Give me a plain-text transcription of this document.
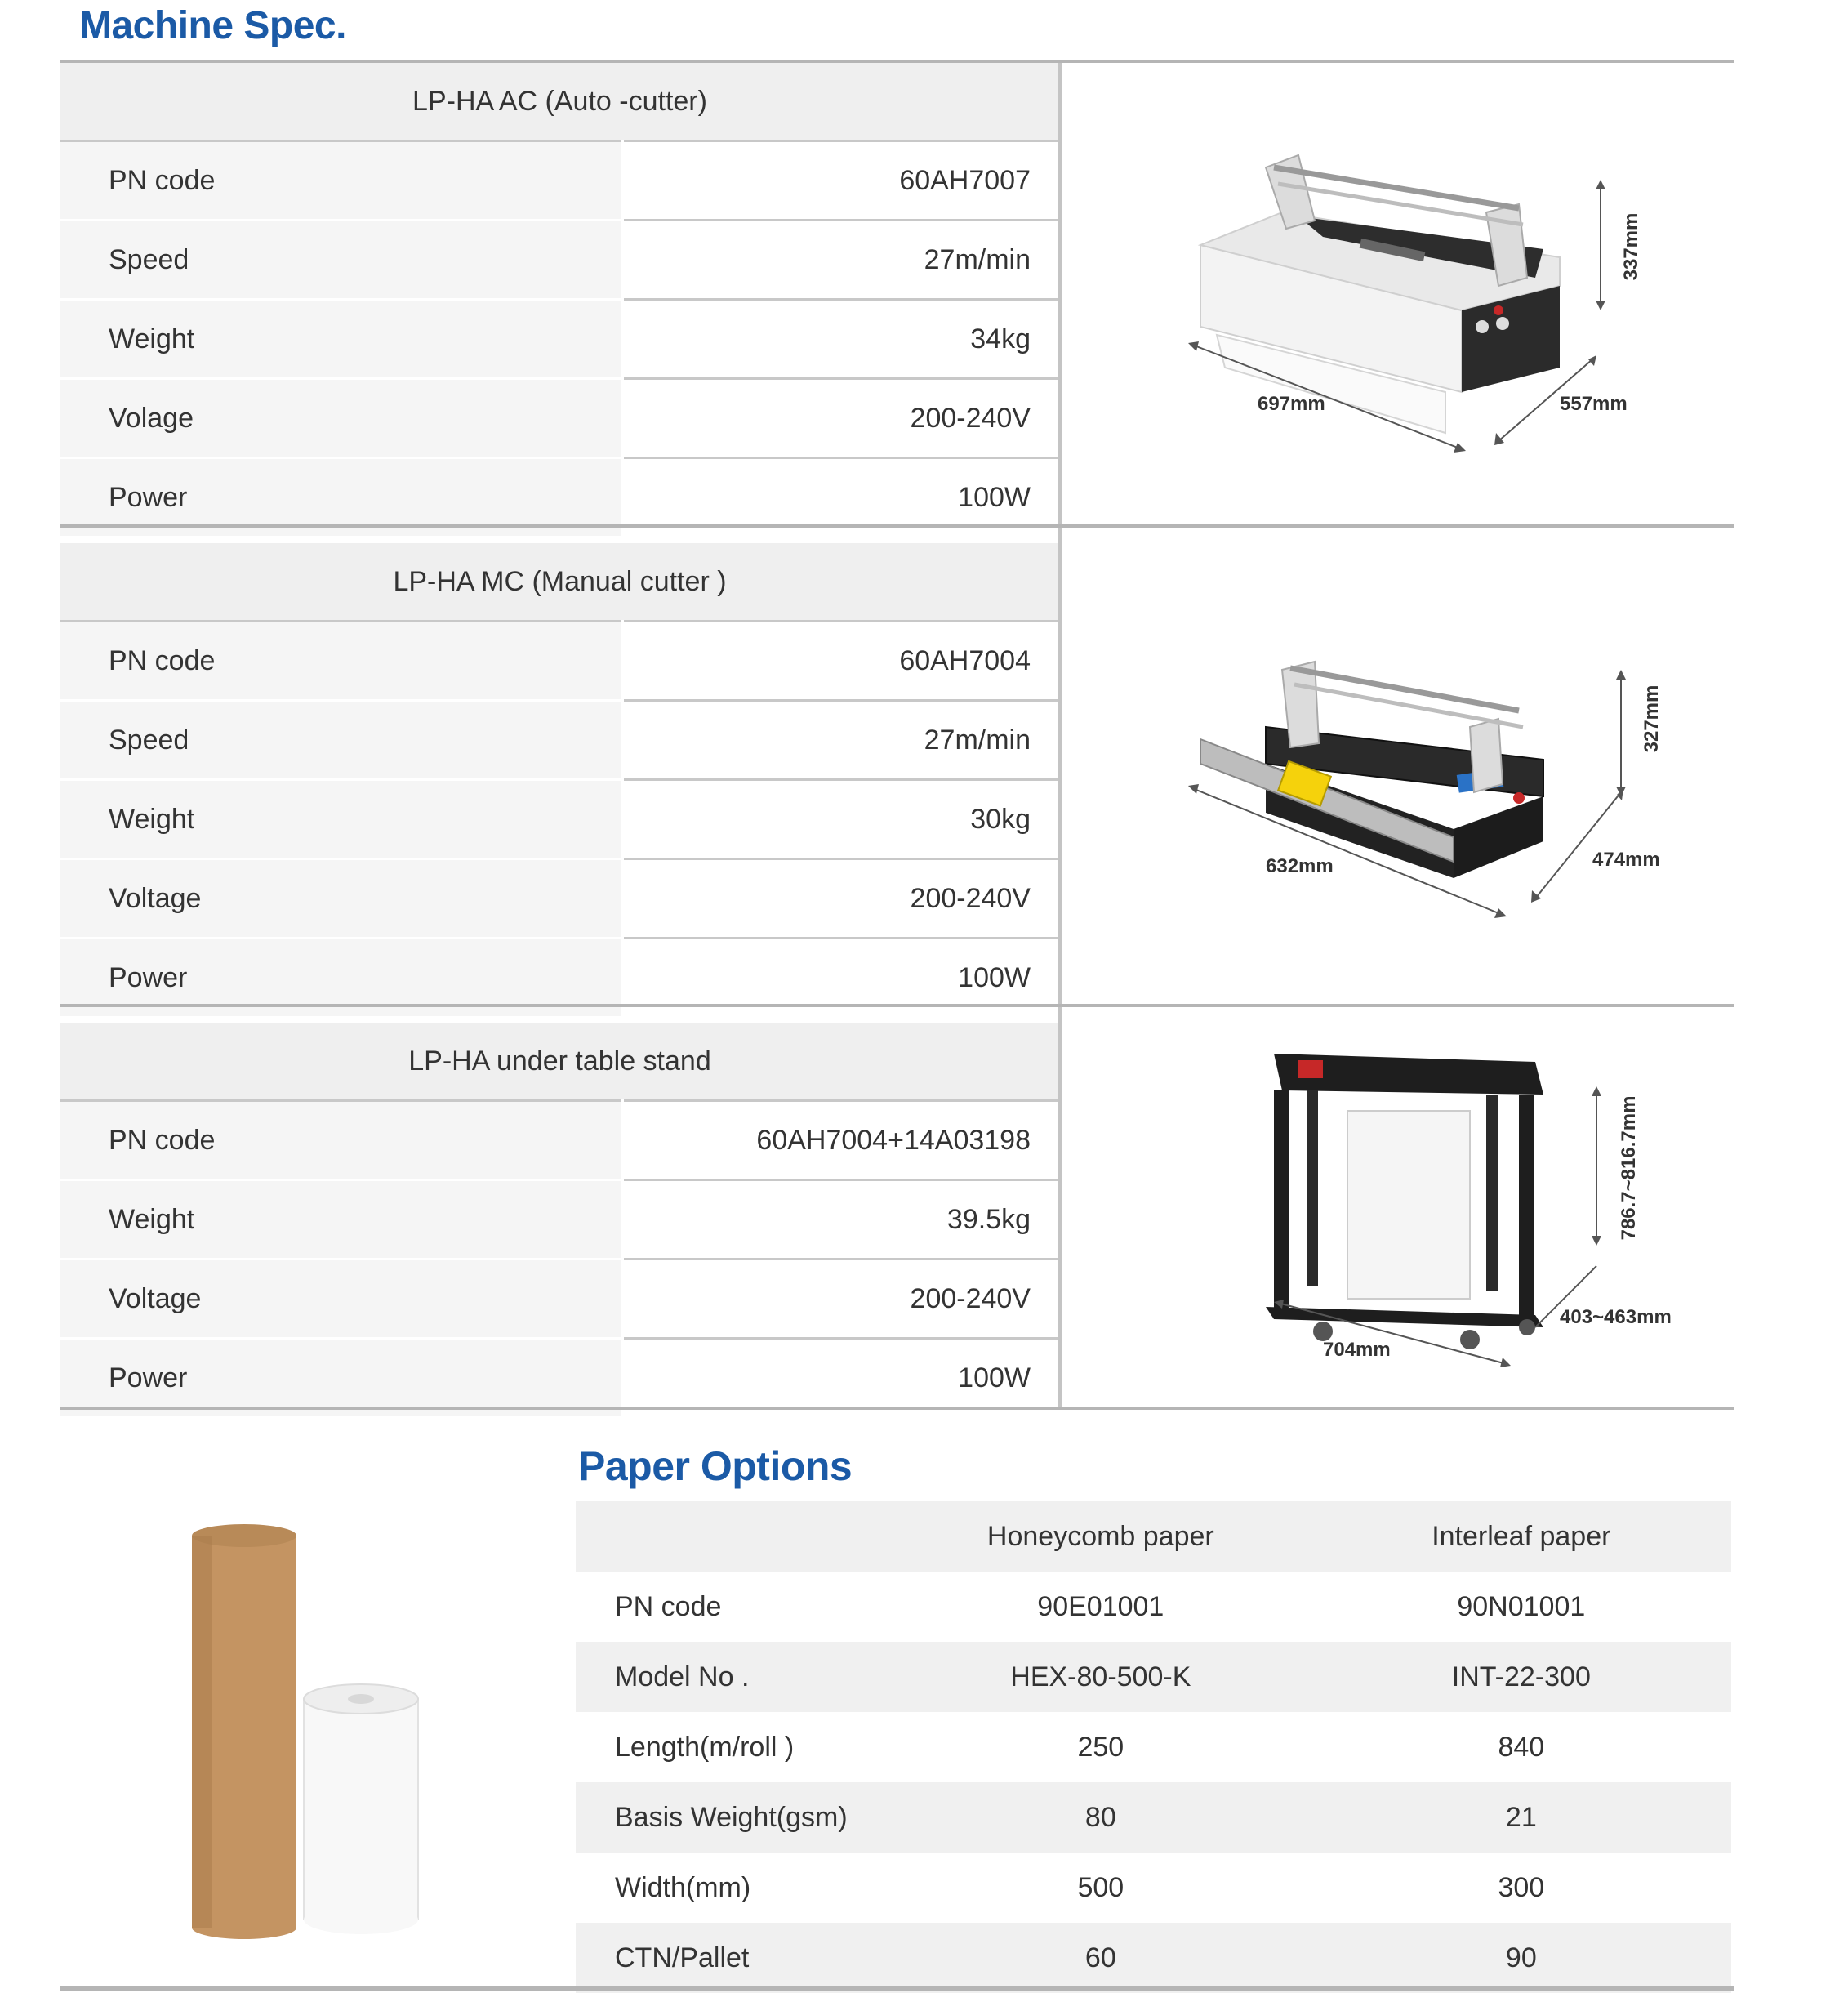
Machine Spec.
LP-HA AC (Auto -cutter)	
PN code	60AH7007
Speed	27m/min
Weight	34kg
Volage	200-240V
Power	100W
LP-HA MC (Manual cutter )	
PN code	60AH7004
Speed	27m/min
Weight	30kg
Voltage	200-240V
Power	100W
LP-HA under table stand	
PN code	60AH7004+14A03198
Weight	39.5kg
Voltage	200-240V
Power	100W
337mm
697mm	557mm
327mm
632mm	474mm
786.7~816.7mm
704mm
403~463mm
Paper Options
	Honeycomb paper	Interleaf paper
PN code	90E01001	90N01001
Model No .	HEX-80-500-K	INT-22-300
Length(m/roll )	250	840
Basis Weight(gsm)	80	21
Width(mm)	500	300
CTN/Pallet	60	90
